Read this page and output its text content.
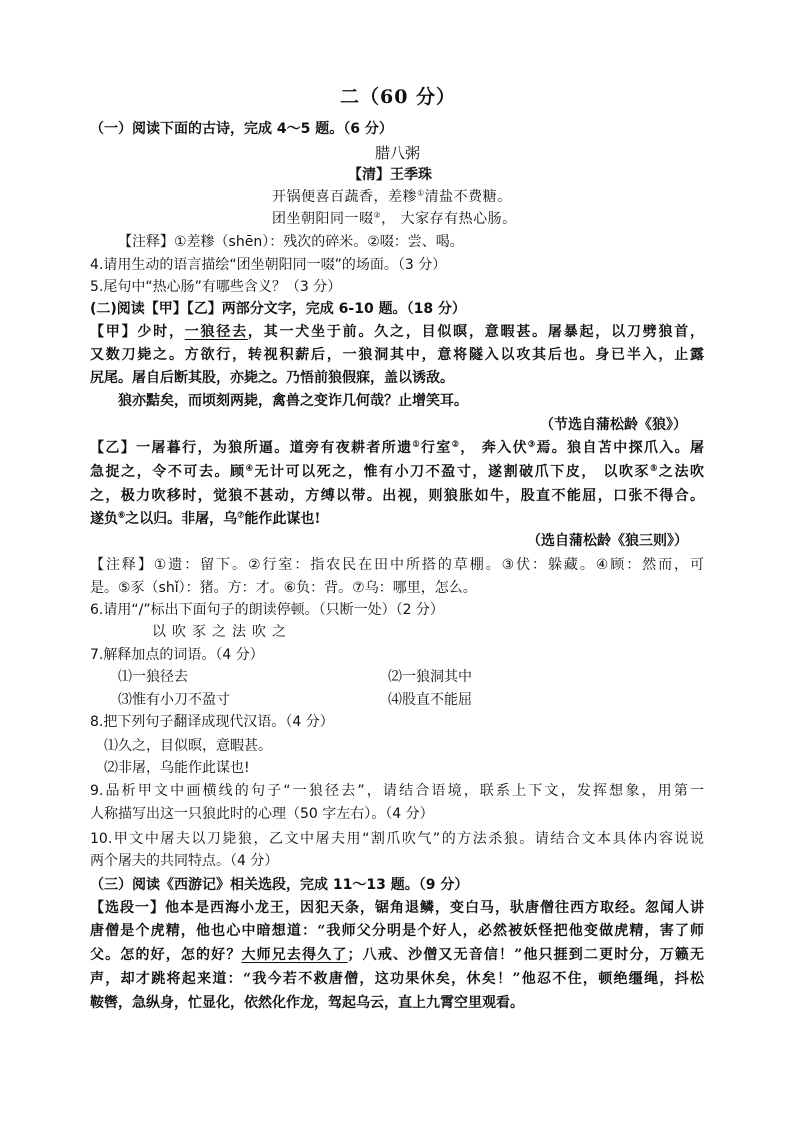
二（60 分）
（一）阅读下面的古诗，完成 4～5 题。（6 分）
腊八粥
【清】王季珠
开锅便喜百蔬香，差糁①清盐不费糖。
团坐朝阳同一啜②， 大家存有热心肠。
【注释】①差糁（shēn）：残次的碎米。②啜：尝、喝。
4.请用生动的语言描绘“团坐朝阳同一啜”的场面。（3 分）
5.尾句中“热心肠”有哪些含义？（3 分）
(二)阅读【甲】【乙】两部分文字，完成 6-10 题。（18 分）
【甲】少时，一狼径去，其一犬坐于前。久之，目似暝，意暇甚。屠暴起，以刀劈狼首，
又数刀毙之。方欲行，转视积薪后，一狼洞其中，意将隧入以攻其后也。身已半入，止露
尻尾。屠自后断其股，亦毙之。乃悟前狼假寐，盖以诱敌。
狼亦黠矣，而顷刻两毙，禽兽之变诈几何哉？止增笑耳。
（节选自蒲松龄《狼》）
【乙】一屠暮行，为狼所逼。道旁有夜耕者所遗①行室②， 奔入伏③焉。狼自苫中探爪入。屠
急捉之，令不可去。顾④无计可以死之，惟有小刀不盈寸，遂割破爪下皮， 以吹豕⑤之法吹
之，极力吹移时，觉狼不甚动，方缚以带。出视，则狼胀如牛，股直不能屈，口张不得合。
遂负⑥之以归。非屠，乌⑦能作此谋也!
（选自蒲松龄《狼三则》）
【注释】①遗：留下。②行室：指农民在田中所搭的草棚。③伏：躲藏。④顾：然而，可
是。⑤豕（shǐ）：猪。方：才。⑥负：背。⑦乌：哪里，怎么。
6.请用“/”标出下面句子的朗读停顿。（只断一处）（2 分）
以吹豕之法吹之
7.解释加点的词语。（4 分）
⑴一狼径去	⑵一狼洞其中
⑶惟有小刀不盈寸	⑷股直不能屈
8.把下列句子翻译成现代汉语。（4 分）
⑴久之，目似暝，意暇甚。
⑵非屠，乌能作此谋也!
9.品析甲文中画横线的句子“一狼径去”，请结合语境，联系上下文，发挥想象，用第一
人称描写出这一只狼此时的心理（50 字左右）。（4 分）
10.甲文中屠夫以刀毙狼，乙文中屠夫用“割爪吹气”的方法杀狼。请结合文本具体内容说说
两个屠夫的共同特点。（4 分）
（三）阅读《西游记》相关选段，完成 11～13 题。（9 分）
【选段一】他本是西海小龙王，因犯天条，锯角退鳞，变白马，驮唐僧往西方取经。忽闻人讲
唐僧是个虎精，他也心中暗想道：“我师父分明是个好人，必然被妖怪把他变做虎精，害了师
父。怎的好，怎的好？大师兄去得久了；八戒、沙僧又无音信！”他只捱到二更时分，万籁无
声，却才跳将起来道：“我今若不救唐僧，这功果休矣，休矣！”他忍不住，顿绝缰绳，抖松
鞍辔，急纵身，忙显化，依然化作龙，驾起乌云，直上九霄空里观看。
